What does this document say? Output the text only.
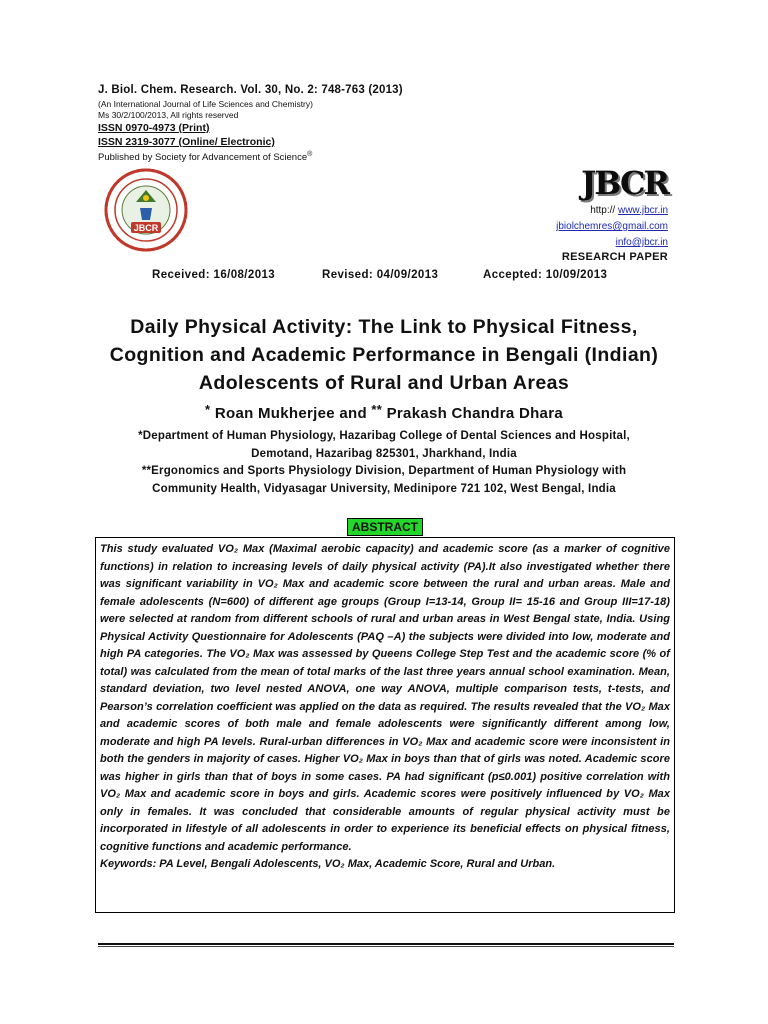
J. Biol. Chem. Research. Vol. 30, No. 2: 748-763 (2013)

(An International Journal of Life Sciences and Chemistry)

Ms 30/2/100/2013, All rights reserved

ISSN 0970-4973 (Print)

ISSN 2319-3077 (Online/ Electronic)

Published by Society for Advancement of Science®

JBCR
JBCR
http:// www.jbcr.in
jbiolchemres@gmail.com
info@jbcr.in
RESEARCH PAPER
Received: 16/08/2013	Revised: 04/09/2013	Accepted: 10/09/2013
Daily Physical Activity: The Link to Physical Fitness,
Cognition and Academic Performance in Bengali (Indian)
Adolescents of Rural and Urban Areas
* Roan Mukherjee and ** Prakash Chandra Dhara
*Department of Human Physiology, Hazaribag College of Dental Sciences and Hospital,
Demotand, Hazaribag 825301, Jharkhand, India
**Ergonomics and Sports Physiology Division, Department of Human Physiology with
Community Health, Vidyasagar University, Medinipore 721 102, West Bengal, India
ABSTRACT

This study evaluated VO₂ Max (Maximal aerobic capacity) and academic score (as a marker of cognitive functions) in relation to increasing levels of daily physical activity (PA).It also investigated whether there was significant variability in VO₂ Max and academic score between the rural and urban areas. Male and female adolescents (N=600) of different age groups (Group I=13-14, Group II= 15-16 and Group III=17-18) were selected at random from different schools of rural and urban areas in West Bengal state, India. Using Physical Activity Questionnaire for Adolescents (PAQ –A) the subjects were divided into low, moderate and high PA categories. The VO₂ Max was assessed by Queens College Step Test and the academic score (% of total) was calculated from the mean of total marks of the last three years annual school examination. Mean, standard deviation, two level nested ANOVA, one way ANOVA, multiple comparison tests, t-tests, and Pearson’s correlation coefficient was applied on the data as required. The results revealed that the VO₂ Max and academic scores of both male and female adolescents were significantly different among low, moderate and high PA levels. Rural-urban differences in VO₂ Max and academic score were inconsistent in both the genders in majority of cases. Higher VO₂ Max in boys than that of girls was noted. Academic score was higher in girls than that of boys in some cases. PA had significant (p≤0.001) positive correlation with VO₂ Max and academic score in boys and girls. Academic scores were positively influenced by VO₂ Max only in females. It was concluded that considerable amounts of regular physical activity must be incorporated in lifestyle of all adolescents in order to experience its beneficial effects on physical fitness, cognitive functions and academic performance.

Keywords: PA Level, Bengali Adolescents, VO₂ Max, Academic Score, Rural and Urban.
